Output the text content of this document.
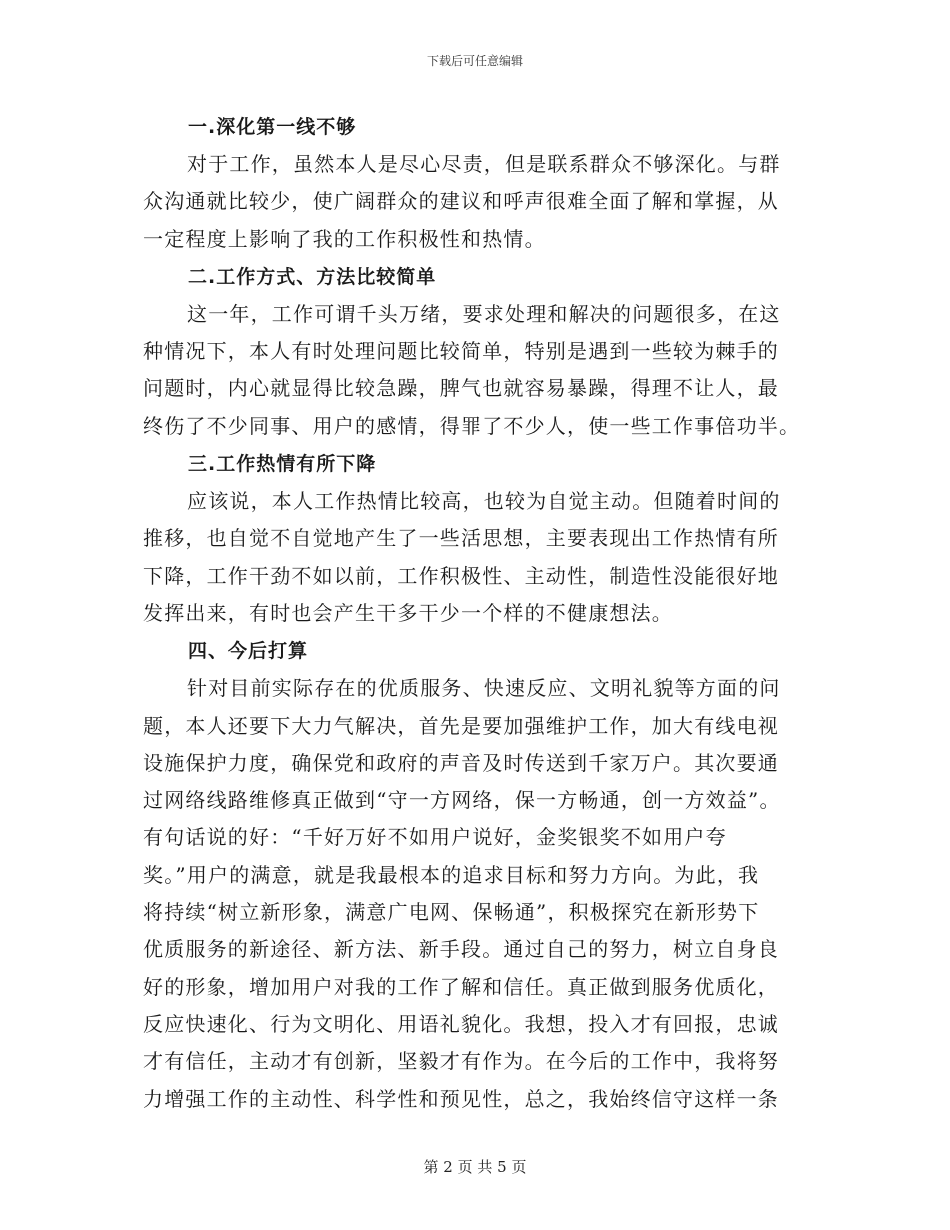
下载后可任意编辑
一.深化第一线不够
对于工作，虽然本人是尽心尽责，但是联系群众不够深化。与群
众沟通就比较少，使广阔群众的建议和呼声很难全面了解和掌握，从
一定程度上影响了我的工作积极性和热情。
二.工作方式、方法比较简单
这一年，工作可谓千头万绪，要求处理和解决的问题很多，在这
种情况下，本人有时处理问题比较简单，特别是遇到一些较为棘手的
问题时，内心就显得比较急躁，脾气也就容易暴躁，得理不让人，最
终伤了不少同事、用户的感情，得罪了不少人，使一些工作事倍功半。
三.工作热情有所下降
应该说，本人工作热情比较高，也较为自觉主动。但随着时间的
推移，也自觉不自觉地产生了一些活思想，主要表现出工作热情有所
下降，工作干劲不如以前，工作积极性、主动性，制造性没能很好地
发挥出来，有时也会产生干多干少一个样的不健康想法。
四、今后打算
针对目前实际存在的优质服务、快速反应、文明礼貌等方面的问
题，本人还要下大力气解决，首先是要加强维护工作，加大有线电视
设施保护力度，确保党和政府的声音及时传送到千家万户。其次要通
过网络线路维修真正做到“守一方网络，保一方畅通，创一方效益”。
有句话说的好：“千好万好不如用户说好，金奖银奖不如用户夸
奖。”用户的满意，就是我最根本的追求目标和努力方向。为此，我
将持续“树立新形象，满意广电网、保畅通”，积极探究在新形势下
优质服务的新途径、新方法、新手段。通过自己的努力，树立自身良
好的形象，增加用户对我的工作了解和信任。真正做到服务优质化，
反应快速化、行为文明化、用语礼貌化。我想，投入才有回报，忠诚
才有信任，主动才有创新，坚毅才有作为。在今后的工作中，我将努
力增强工作的主动性、科学性和预见性，总之，我始终信守这样一条
第 2 页 共 5 页
